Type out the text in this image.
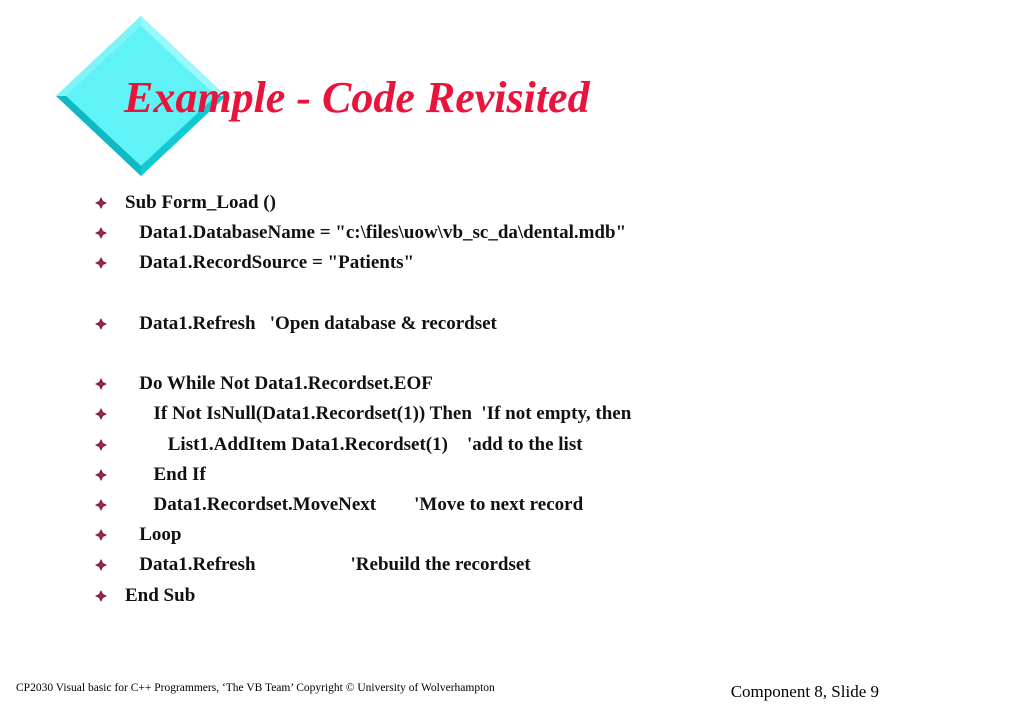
Example - Code Revisited
Sub Form_Load ()
Data1.DatabaseName = "c:\files\uow\vb_sc_da\dental.mdb"
Data1.RecordSource = "Patients"
Data1.Refresh   'Open database & recordset
Do While Not Data1.Recordset.EOF
If Not IsNull(Data1.Recordset(1)) Then  'If not empty, then
List1.AddItem Data1.Recordset(1)    'add to the list
End If
Data1.Recordset.MoveNext        'Move to next record
Loop
Data1.Refresh                    'Rebuild the recordset
End Sub
CP2030 Visual basic for C++ Programmers, ‘The VB Team’ Copyright © University of Wolverhampton	Component 8, Slide 9
